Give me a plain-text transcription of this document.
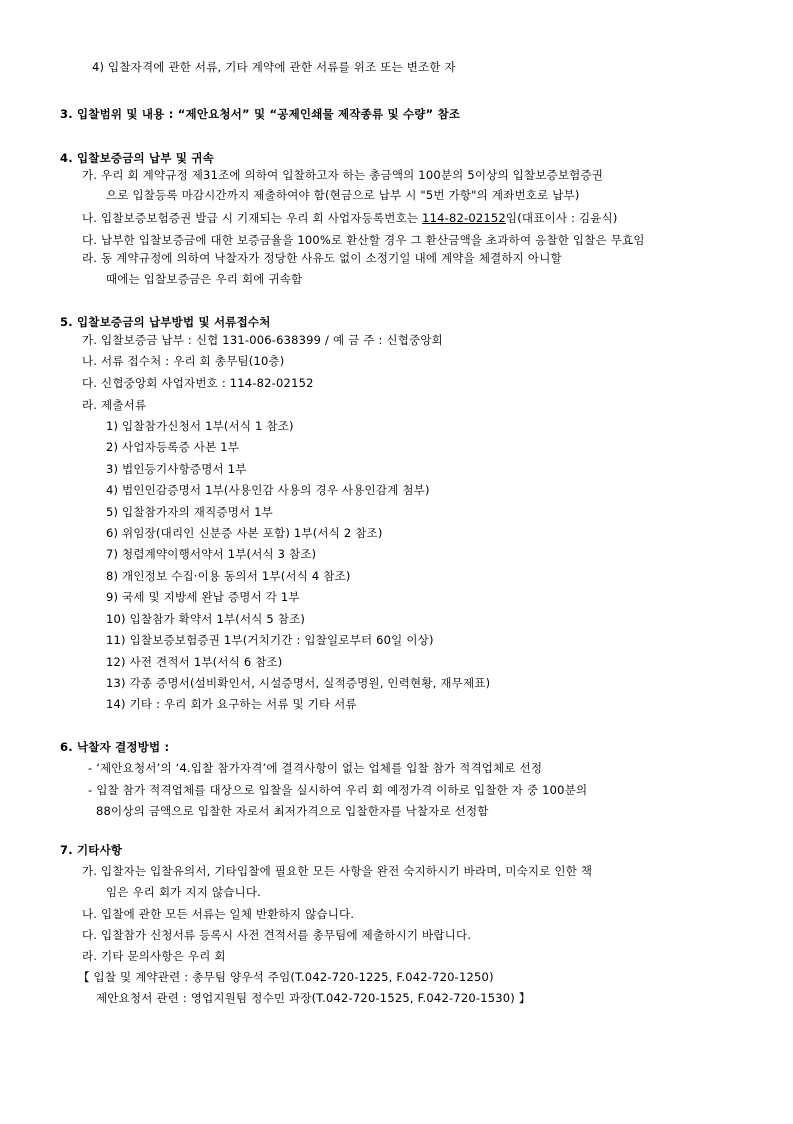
4) 입찰자격에 관한 서류, 기타 계약에 관한 서류를 위조 또는 변조한 자
3. 입찰범위 및 내용 : “제안요청서” 및 “공제인쇄물 제작종류 및 수량” 참조
4. 입찰보증금의 납부 및 귀속
가. 우리 회 계약규정 제31조에 의하여 입찰하고자 하는 총금액의 100분의 5이상의 입찰보증보험증권
으로 입찰등록 마감시간까지 제출하여야 함(현금으로 납부 시 "5번 가항"의 계좌번호로 납부)
나. 입찰보증보험증권 발급 시 기재되는 우리 회 사업자등록번호는 114-82-02152임(대표이사 : 김윤식)
다. 납부한 입찰보증금에 대한 보증금율을 100%로 환산할 경우 그 환산금액을 초과하여 응찰한 입찰은 무효임
라. 동 계약규정에 의하여 낙찰자가 정당한 사유도 없이 소정기일 내에 계약을 체결하지 아니할
때에는 입찰보증금은 우리 회에 귀속함
5. 입찰보증금의 납부방법 및 서류접수처
가. 입찰보증금 납부 : 신협 131-006-638399 / 예 금 주 : 신협중앙회
나. 서류 접수처 : 우리 회 총무팀(10층)
다. 신협중앙회 사업자번호 : 114-82-02152
라. 제출서류
1) 입찰참가신청서 1부(서식 1 참조)
2) 사업자등록증 사본 1부
3) 법인등기사항증명서 1부
4) 법인인감증명서 1부(사용인감 사용의 경우 사용인감계 첨부)
5) 입찰참가자의 재직증명서 1부
6) 위임장(대리인 신분증 사본 포함) 1부(서식 2 참조)
7) 청렴계약이행서약서 1부(서식 3 참조)
8) 개인정보 수집·이용 동의서 1부(서식 4 참조)
9) 국세 및 지방세 완납 증명서 각 1부
10) 입찰참가 확약서 1부(서식 5 참조)
11) 입찰보증보험증권 1부(거치기간 : 입찰일로부터 60일 이상)
12) 사전 견적서 1부(서식 6 참조)
13) 각종 증명서(설비확인서, 시설증명서, 실적증명원, 인력현황, 재무제표)
14) 기타 : 우리 회가 요구하는 서류 및 기타 서류
6. 낙찰자 결정방법 :
- ‘제안요청서’의 ‘4.입찰 참가자격’에 결격사항이 없는 업체를 입찰 참가 적격업체로 선정
- 입찰 참가 적격업체를 대상으로 입찰을 실시하여 우리 회 예정가격 이하로 입찰한 자 중 100분의
88이상의 금액으로 입찰한 자로서 최저가격으로 입찰한자를 낙찰자로 선정함
7. 기타사항
가. 입찰자는 입찰유의서, 기타입찰에 필요한 모든 사항을 완전 숙지하시기 바라며, 미숙지로 인한 책
임은 우리 회가 지지 않습니다.
나. 입찰에 관한 모든 서류는 일체 반환하지 않습니다.
다. 입찰참가 신청서류 등록시 사전 견적서를 총무팀에 제출하시기 바랍니다.
라. 기타 문의사항은 우리 회
【 입찰 및 계약관련 : 총무팀 양우석 주임(T.042-720-1225, F.042-720-1250)
제안요청서 관련 : 영업지원팀 정수민 과장(T.042-720-1525, F.042-720-1530) 】
